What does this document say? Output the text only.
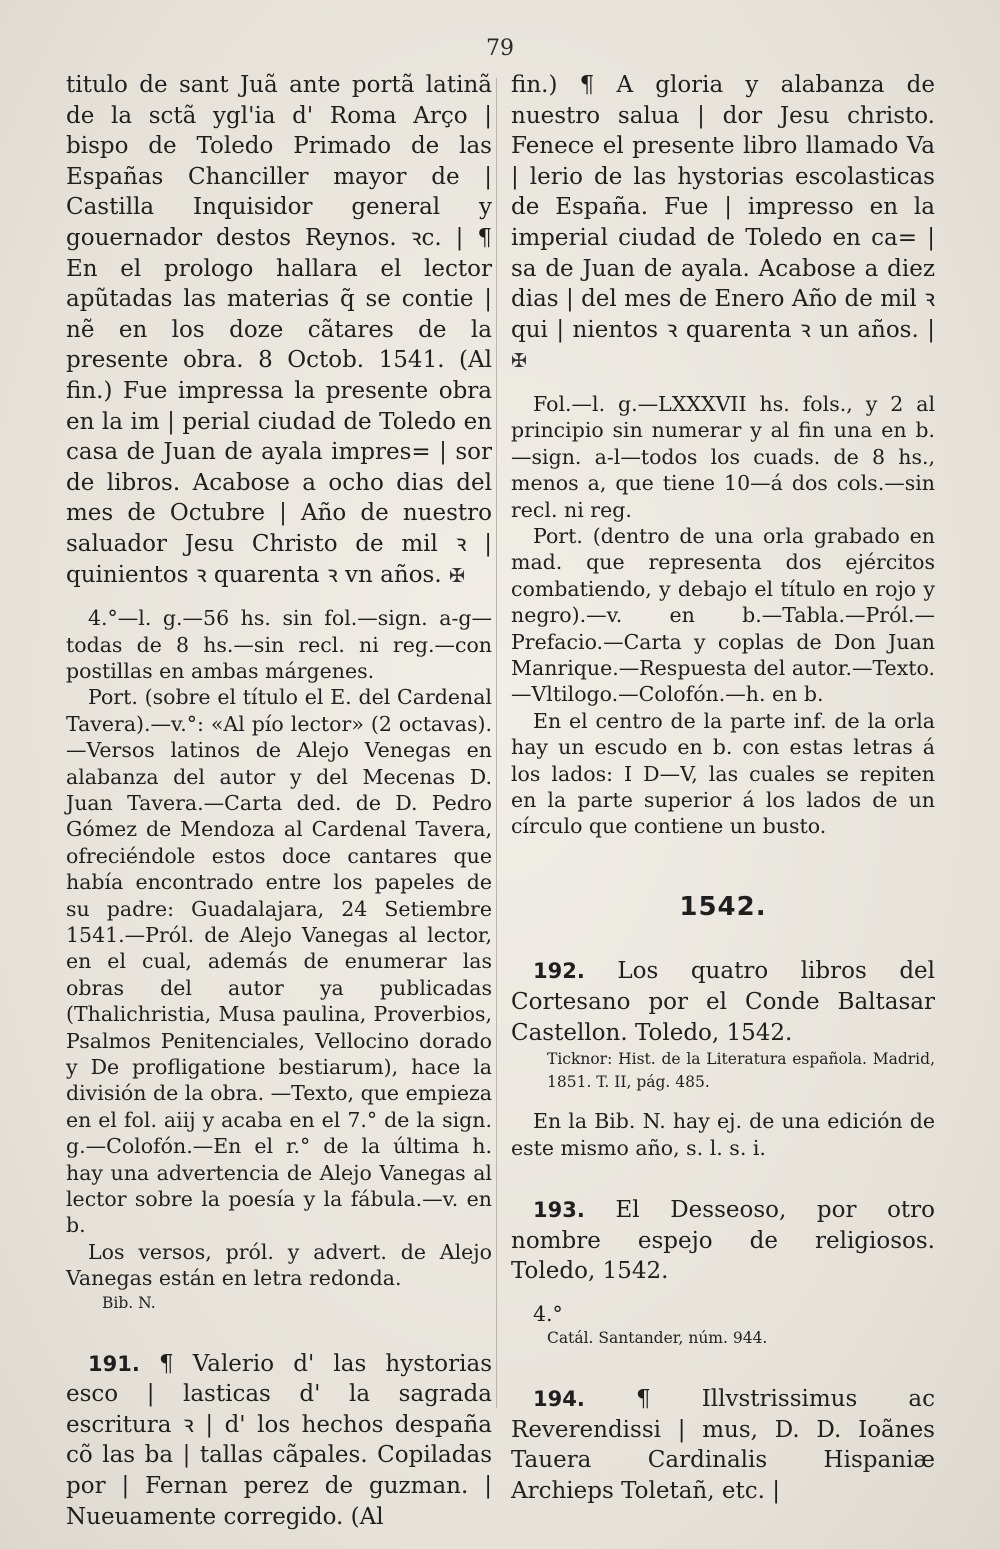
79

titulo de sant Juã ante portã latinã de la sctã ygl'ia d' Roma Arço | bispo de Toledo Primado de las Españas Chanciller mayor de | Castilla Inquisidor general y gouernador destos Reynos. ꝛc. | ¶ En el prologo hallara el lector apũtadas las materias q̃ se contie | nẽ en los doze cãtares de la presente obra. 8 Octob. 1541. (Al fin.) Fue impressa la presente obra en la im | perial ciudad de Toledo en casa de Juan de ayala impres= | sor de libros. Acabose a ocho dias del mes de Octubre | Año de nuestro saluador Jesu Christo de mil ꝛ | quinientos ꝛ quarenta ꝛ vn años. ✠

4.°—l. g.—56 hs. sin fol.—sign. a-g—todas de 8 hs.—sin recl. ni reg.—con postillas en ambas márgenes.

Port. (sobre el título el E. del Cardenal Tavera).—v.°: «Al pío lector» (2 octavas). —Versos latinos de Alejo Venegas en alabanza del autor y del Mecenas D. Juan Tavera.—Carta ded. de D. Pedro Gómez de Mendoza al Cardenal Tavera, ofreciéndole estos doce cantares que había encontrado entre los papeles de su padre: Guadalajara, 24 Setiembre 1541.—Pról. de Alejo Vanegas al lector, en el cual, además de enumerar las obras del autor ya publicadas (Thalichristia, Musa paulina, Proverbios, Psalmos Penitenciales, Vellocino dorado y De profligatione bestiarum), hace la división de la obra. —Texto, que empieza en el fol. aiij y acaba en el 7.° de la sign. g.—Colofón.—En el r.° de la última h. hay una advertencia de Alejo Vanegas al lector sobre la poesía y la fábula.—v. en b.

Los versos, pról. y advert. de Alejo Vanegas están en letra redonda.

Bib. N.

191. ¶ Valerio d' las hystorias esco | lasticas d' la sagrada escritura ꝛ | d' los hechos despaña cõ las ba | tallas cãpales. Copiladas por | Fernan perez de guzman. | Nueuamente corregido. (Al

fin.) ¶ A gloria y alabanza de nuestro salua | dor Jesu christo. Fenece el presente libro llamado Va | lerio de las hystorias escolasticas de España. Fue | impresso en la imperial ciudad de Toledo en ca= | sa de Juan de ayala. Acabose a diez dias | del mes de Enero Año de mil ꝛ qui | nientos ꝛ quarenta ꝛ un años. | ✠

Fol.—l. g.—LXXXVII hs. fols., y 2 al principio sin numerar y al fin una en b.—sign. a-l—todos los cuads. de 8 hs., menos a, que tiene 10—á dos cols.—sin recl. ni reg.

Port. (dentro de una orla grabado en mad. que representa dos ejércitos combatiendo, y debajo el título en rojo y negro).—v. en b.—Tabla.—Pról.—Prefacio.—Carta y coplas de Don Juan Manrique.—Respuesta del autor.—Texto.—Vltilogo.—Colofón.—h. en b.

En el centro de la parte inf. de la orla hay un escudo en b. con estas letras á los lados: I D—V, las cuales se repiten en la parte superior á los lados de un círculo que contiene un busto.

1542.

192. Los quatro libros del Cortesano por el Conde Baltasar Castellon. Toledo, 1542.

Ticknor: Hist. de la Literatura española. Madrid, 1851. T. II, pág. 485.

En la Bib. N. hay ej. de una edición de este mismo año, s. l. s. i.

193. El Desseoso, por otro nombre espejo de religiosos. Toledo, 1542.

4.°

Catál. Santander, núm. 944.

194. ¶ Illvstrissimus ac Reverendissi | mus, D. D. Ioãnes Tauera Cardinalis Hispaniæ Archieps Toletañ, etc. |
